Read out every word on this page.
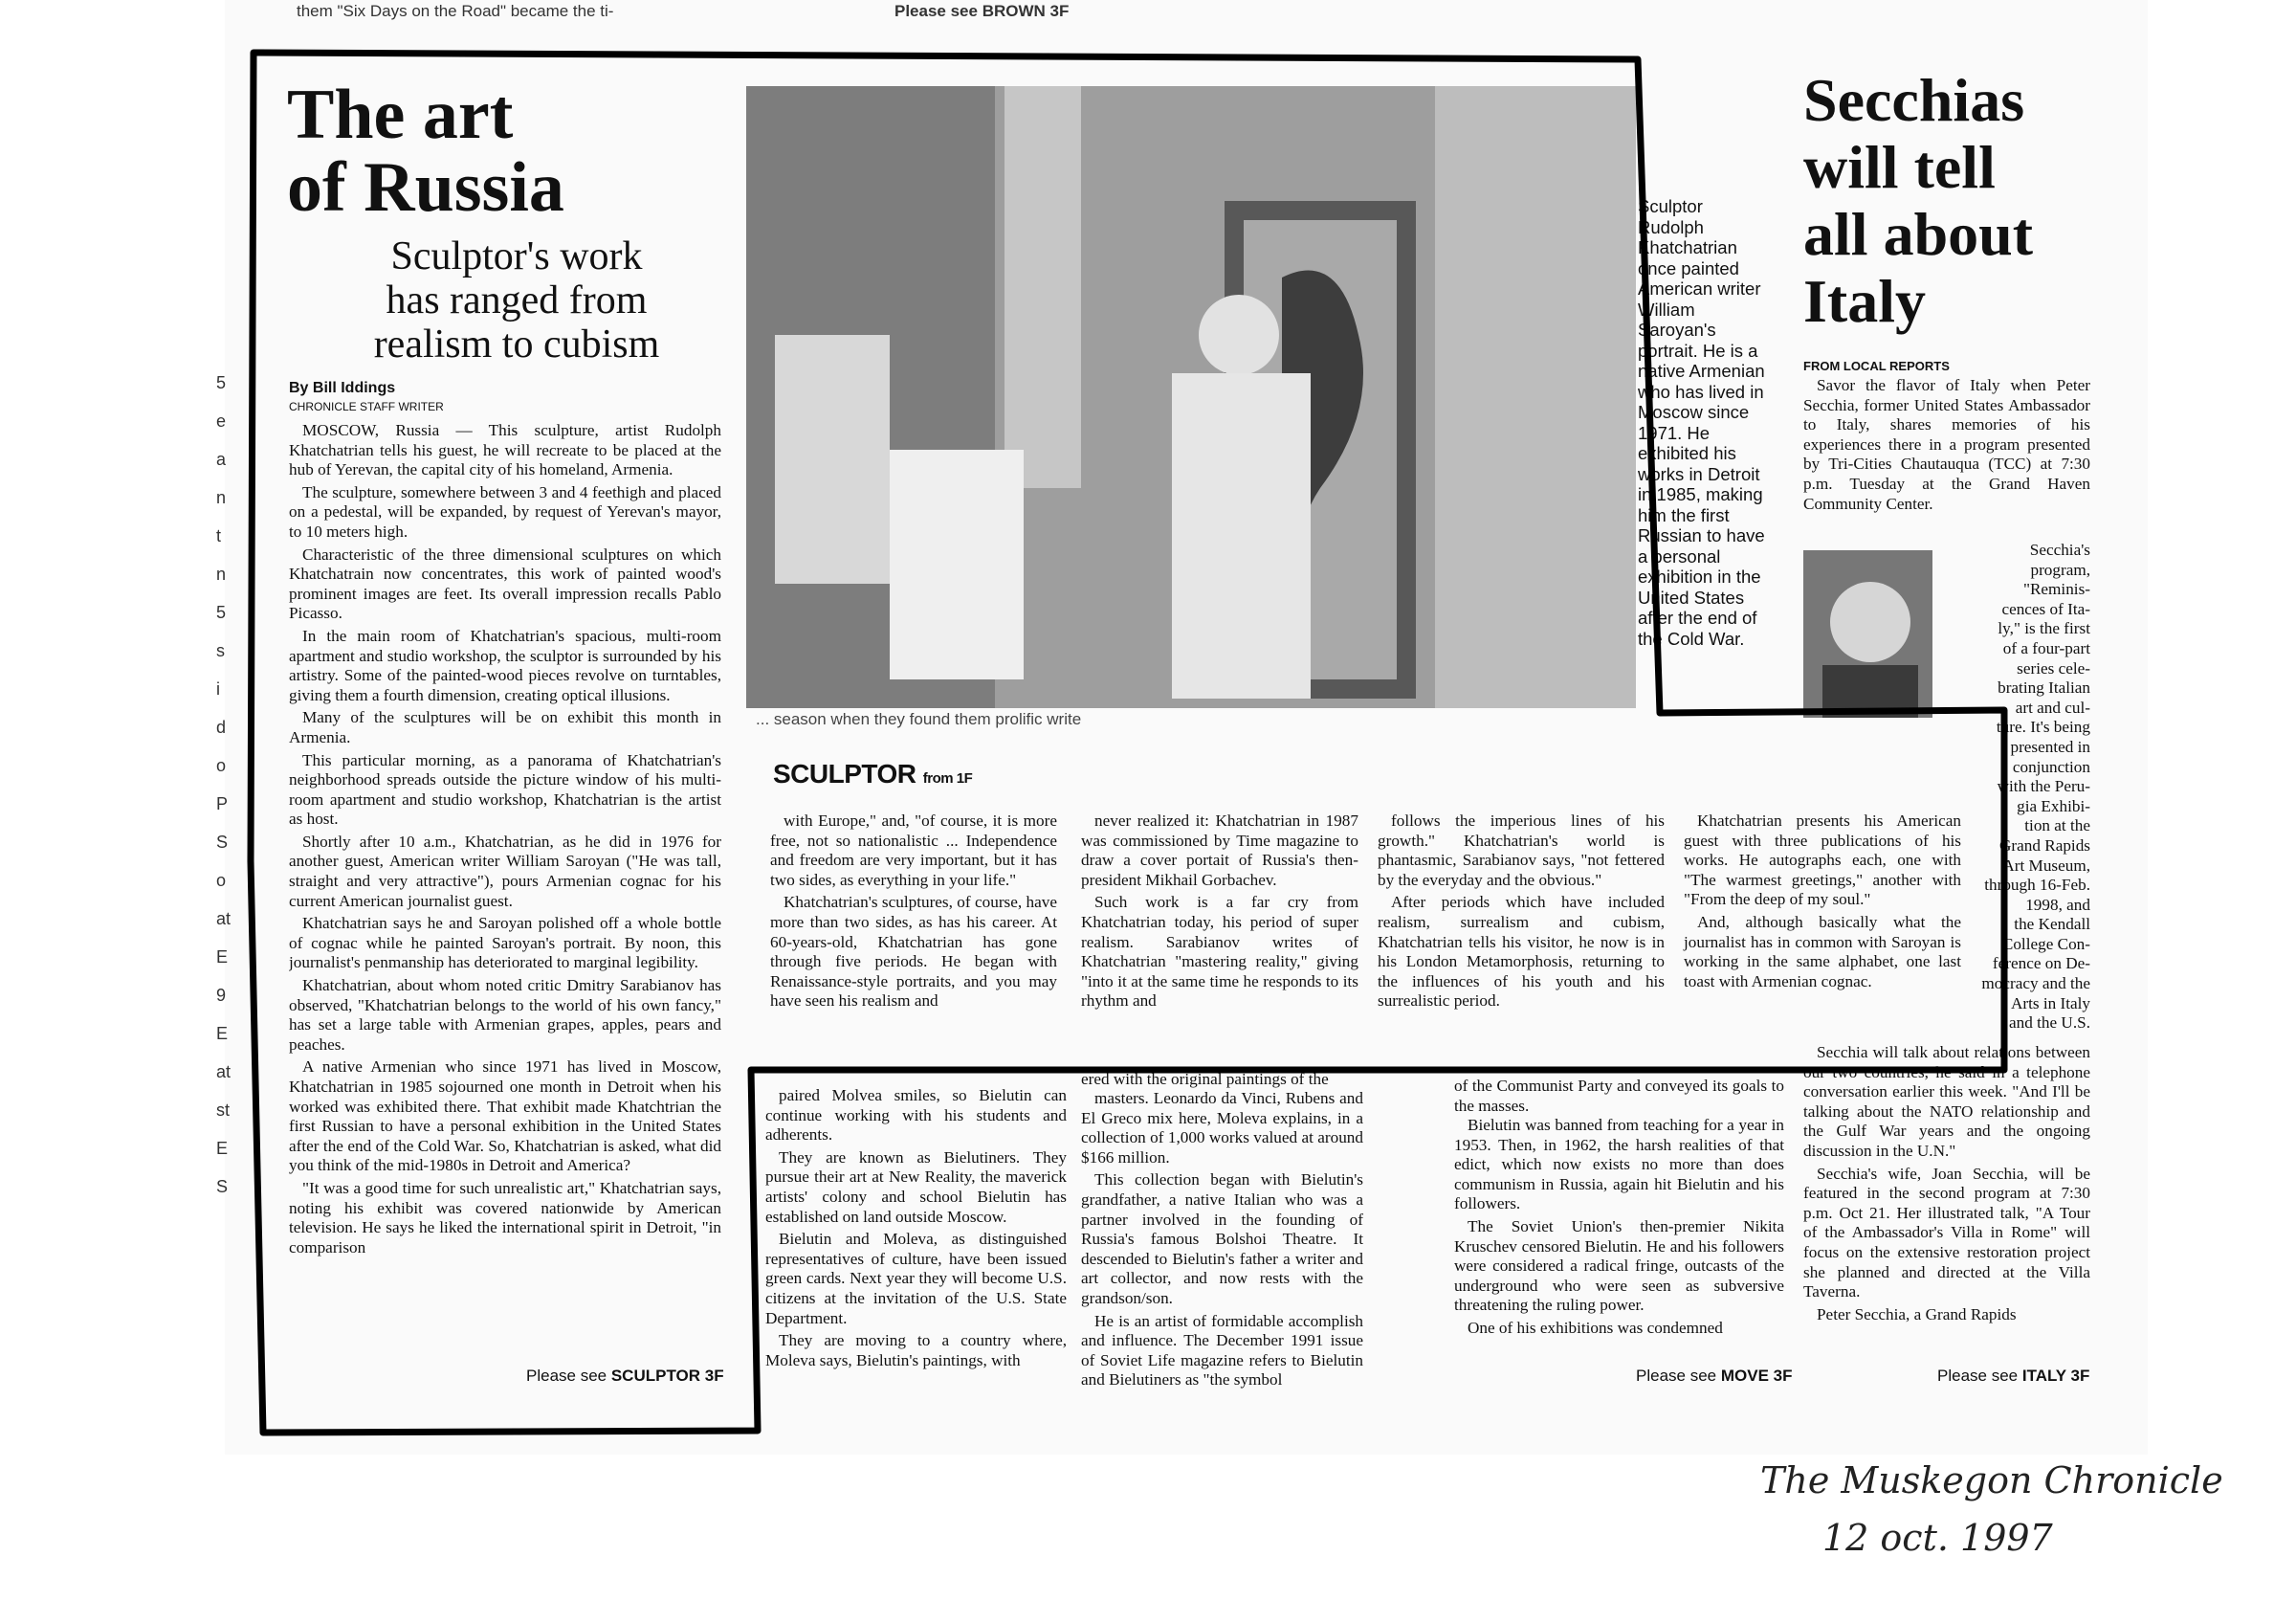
them "Six Days on the Road" became the ti-	Please see BROWN 3F
5
e
a
n
t
n
5
s
i
d
o
P
S
o
at
E
9
E
at
st
E
S
The art
of Russia
Sculptor's work
has ranged from
realism to cubism
By Bill Iddings
CHRONICLE STAFF WRITER

MOSCOW, Russia — This sculpture, artist Rudolph Khatchatrian tells his guest, he will recreate to be placed at the hub of Yerevan, the capital city of his homeland, Armenia.

The sculpture, somewhere between 3 and 4 feethigh and placed on a pedestal, will be expanded, by request of Yerevan's mayor, to 10 meters high.

Characteristic of the three dimensional sculptures on which Khatchatrain now concentrates, this work of painted wood's prominent images are feet. Its overall impression recalls Pablo Picasso.

In the main room of Khatchatrian's spacious, multi-room apartment and studio workshop, the sculptor is surrounded by his artistry. Some of the painted-wood pieces revolve on turntables, giving them a fourth dimension, creating optical illusions.

Many of the sculptures will be on exhibit this month in Armenia.

This particular morning, as a panorama of Khatchatrian's neighborhood spreads outside the picture window of his multi-room apartment and studio workshop, Khatchatrian is the artist as host.

Shortly after 10 a.m., Khatchatrian, as he did in 1976 for another guest, American writer William Saroyan ("He was tall, straight and very attractive"), pours Armenian cognac for his current American journalist guest.

Khatchatrian says he and Saroyan polished off a whole bottle of cognac while he painted Saroyan's portrait. By noon, this journalist's penmanship has deteriorated to marginal legibility.

Khatchatrian, about whom noted critic Dmitry Sarabianov has observed, "Khatchatrian belongs to the world of his own fancy," has set a large table with Armenian grapes, apples, pears and peaches.

A native Armenian who since 1971 has lived in Moscow, Khatchatrian in 1985 sojourned one month in Detroit when his worked was exhibited there. That exhibit made Khatchtrian the first Russian to have a personal exhibition in the United States after the end of the Cold War. So, Khatchatrian is asked, what did you think of the mid-1980s in Detroit and America?

"It was a good time for such unrealistic art," Khatchatrian says, noting his exhibit was covered nationwide by American television. He says he liked the international spirit in Detroit, "in comparison

Please see SCULPTOR 3F
Sculptor Rudolph Khatchatrian once painted American writer William Saroyan's portrait. He is a native Armenian who has lived in Moscow since 1971. He exhibited his works in Detroit in 1985, making him the first Russian to have a personal exhibition in the United States after the end of the Cold War.
... season when they found them prolific write
Secchias
will tell
all about
Italy
FROM LOCAL REPORTS

Savor the flavor of Italy when Peter Secchia, former United States Ambassador to Italy, shares memories of his experiences there in a program presented by Tri-Cities Chautauqua (TCC) at 7:30 p.m. Tuesday at the Grand Haven Community Center.

Secchia's
program,
"Reminis-
cences of Ita-
ly," is the first
of a four-part
series cele-
brating Italian
art and cul-
ture. It's being
presented in
conjunction
with the Peru-
gia Exhibi-
tion at the
Grand Rapids
Art Museum,
through 16-Feb.
1998, and
the Kendall
College Con-
ference on De-
mocracy and the
Arts in Italy
and the U.S.

Secchia will talk about relations between our two countries, he said in a telephone conversation earlier this week. "And I'll be talking about the NATO relationship and the Gulf War years and the ongoing discussion in the U.N."

Secchia's wife, Joan Secchia, will be featured in the second program at 7:30 p.m. Oct 21. Her illustrated talk, "A Tour of the Ambassador's Villa in Rome" will focus on the extensive restoration project she planned and directed at the Villa Taverna.

Peter Secchia, a Grand Rapids

Please see ITALY 3F
SCULPTOR from 1F

with Europe," and, "of course, it is more free, not so nationalistic ... Independence and freedom are very important, but it has two sides, as everything in your life."

Khatchatrian's sculptures, of course, have more than two sides, as has his career. At 60-years-old, Khatchatrian has gone through five periods. He began with Renaissance-style portraits, and you may have seen his realism and

never realized it: Khatchatrian in 1987 was commissioned by Time magazine to draw a cover portait of Russia's then-president Mikhail Gorbachev.

Such work is a far cry from Khatchatrian today, his period of super realism. Sarabianov writes of Khatchatrian "mastering reality," giving "into it at the same time he responds to its rhythm and

follows the imperious lines of his growth." Khatchatrian's world is phantasmic, Sarabianov says, "not fettered by the everyday and the obvious."

After periods which have included realism, surrealism and cubism, Khatchatrian tells his visitor, he now is in his London Metamorphosis, returning to the influences of his youth and his surrealistic period.

Khatchatrian presents his American guest with three publications of his works. He autographs each, one with "The warmest greetings," another with "From the deep of my soul."

And, although basically what the journalist has in common with Saroyan is working in the same alphabet, one last toast with Armenian cognac.

paired Molvea smiles, so Bielutin can continue working with his students and adherents.

They are known as Bielutiners. They pursue their art at New Reality, the maverick artists' colony and school Bielutin has established on land outside Moscow.

Bielutin and Moleva, as distinguished representatives of culture, have been issued green cards. Next year they will become U.S. citizens at the invitation of the U.S. State Department.

They are moving to a country where, Moleva says, Bielutin's paintings, with

ered with the original paintings of the

masters. Leonardo da Vinci, Rubens and El Greco mix here, Moleva explains, in a collection of 1,000 works valued at around $166 million.

This collection began with Bielutin's grandfather, a native Italian who was a partner involved in the founding of Russia's famous Bolshoi Theatre. It descended to Bielutin's father a writer and art collector, and now rests with the grandson/son.

He is an artist of formidable accomplish and influence. The December 1991 issue of Soviet Life magazine refers to Bielutin and Bielutiners as "the symbol

of the Communist Party and conveyed its goals to the masses.

Bielutin was banned from teaching for a year in 1953. Then, in 1962, the harsh realities of that edict, which now exists no more than does communism in Russia, again hit Bielutin and his followers.

The Soviet Union's then-premier Nikita Kruschev censored Bielutin. He and his followers were considered a radical fringe, outcasts of the underground who were seen as subversive threatening the ruling power.

One of his exhibitions was condemned

Please see MOVE 3F
The Muskegon Chronicle
12 oct. 1997
